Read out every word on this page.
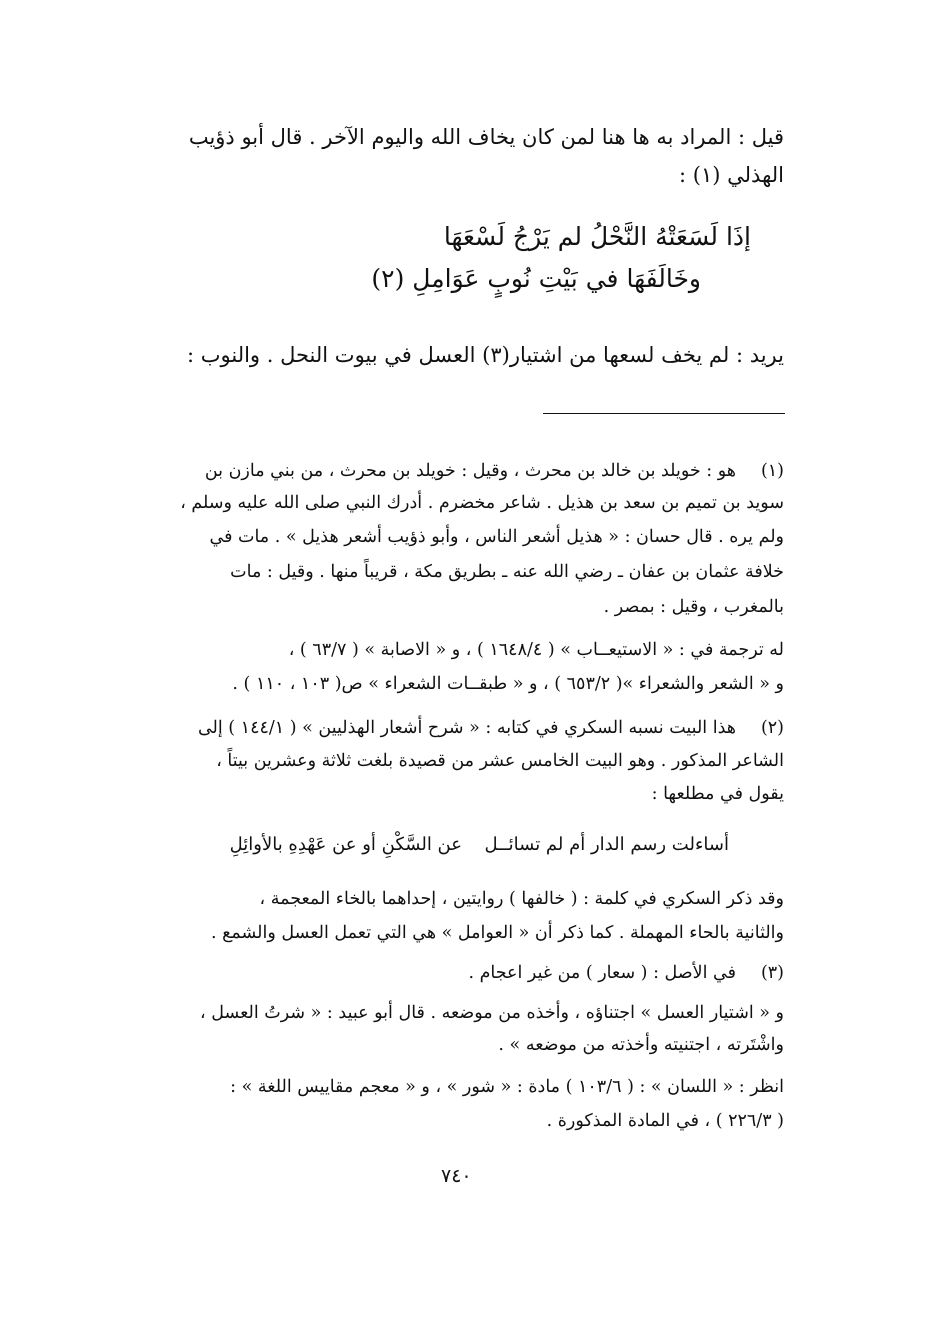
قيل : المراد به ها هنا لمن كان يخاف الله واليوم الآخر . قال أبو ذؤيب
الهذلي (١) :
إذَا لَسَعَتْهُ النَّحْلُ لم يَرْجُ لَسْعَهَا
وخَالَفَهَا في بَيْتِ نُوبٍ عَوَامِلِ (٢)
يريد : لم يخف لسعها من اشتيار(٣) العسل في بيوت النحل . والنوب :
(١)
هو : خويلد بن خالد بن محرث ، وقيل : خويلد بن محرث ، من بني مازن بن
سويد بن تميم بن سعد بن هذيل . شاعر مخضرم . أدرك النبي صلى الله عليه وسلم ،
ولم يره . قال حسان : « هذيل أشعر الناس ، وأبو ذؤيب أشعر هذيل » . مات في
خلافة عثمان بن عفان ـ رضي الله عنه ـ بطريق مكة ، قريباً منها . وقيل : مات
بالمغرب ، وقيل : بمصر .
له ترجمة في : « الاستيعــاب » ( ١٦٤٨/٤ ) ، و « الاصابة » ( ٦٣/٧ ) ،
و « الشعر والشعراء »( ٦٥٣/٢ ) ، و « طبقــات الشعراء » ص( ١٠٣ ، ١١٠ ) .
(٢)
هذا البيت نسبه السكري في كتابه : « شرح أشعار الهذليين » ( ١٤٤/١ ) إلى
الشاعر المذكور . وهو البيت الخامس عشر من قصيدة بلغت ثلاثة وعشرين بيتاً ،
يقول في مطلعها :
أساءلت رسم الدار أم لم تسائــل
عن السَّكْنِ أو عن عَهْدِهِ بالأوائِلِ
وقد ذكر السكري في كلمة : ( خالفها ) روايتين ، إحداهما بالخاء المعجمة ،
والثانية بالحاء المهملة . كما ذكر أن « العوامل » هي التي تعمل العسل والشمع .
(٣)
في الأصل : ( سعار ) من غير اعجام .
و « اشتيار العسل » اجتناؤه ، وأخذه من موضعه . قال أبو عبيد : « شرتُ العسل ،
واشْتَرته ، اجتنيته وأخذته من موضعه » .
انظر : « اللسان » : ( ١٠٣/٦ ) مادة : « شور » ، و « معجم مقاييس اللغة » :
( ٢٢٦/٣ ) ، في المادة المذكورة .
٧٤٠
